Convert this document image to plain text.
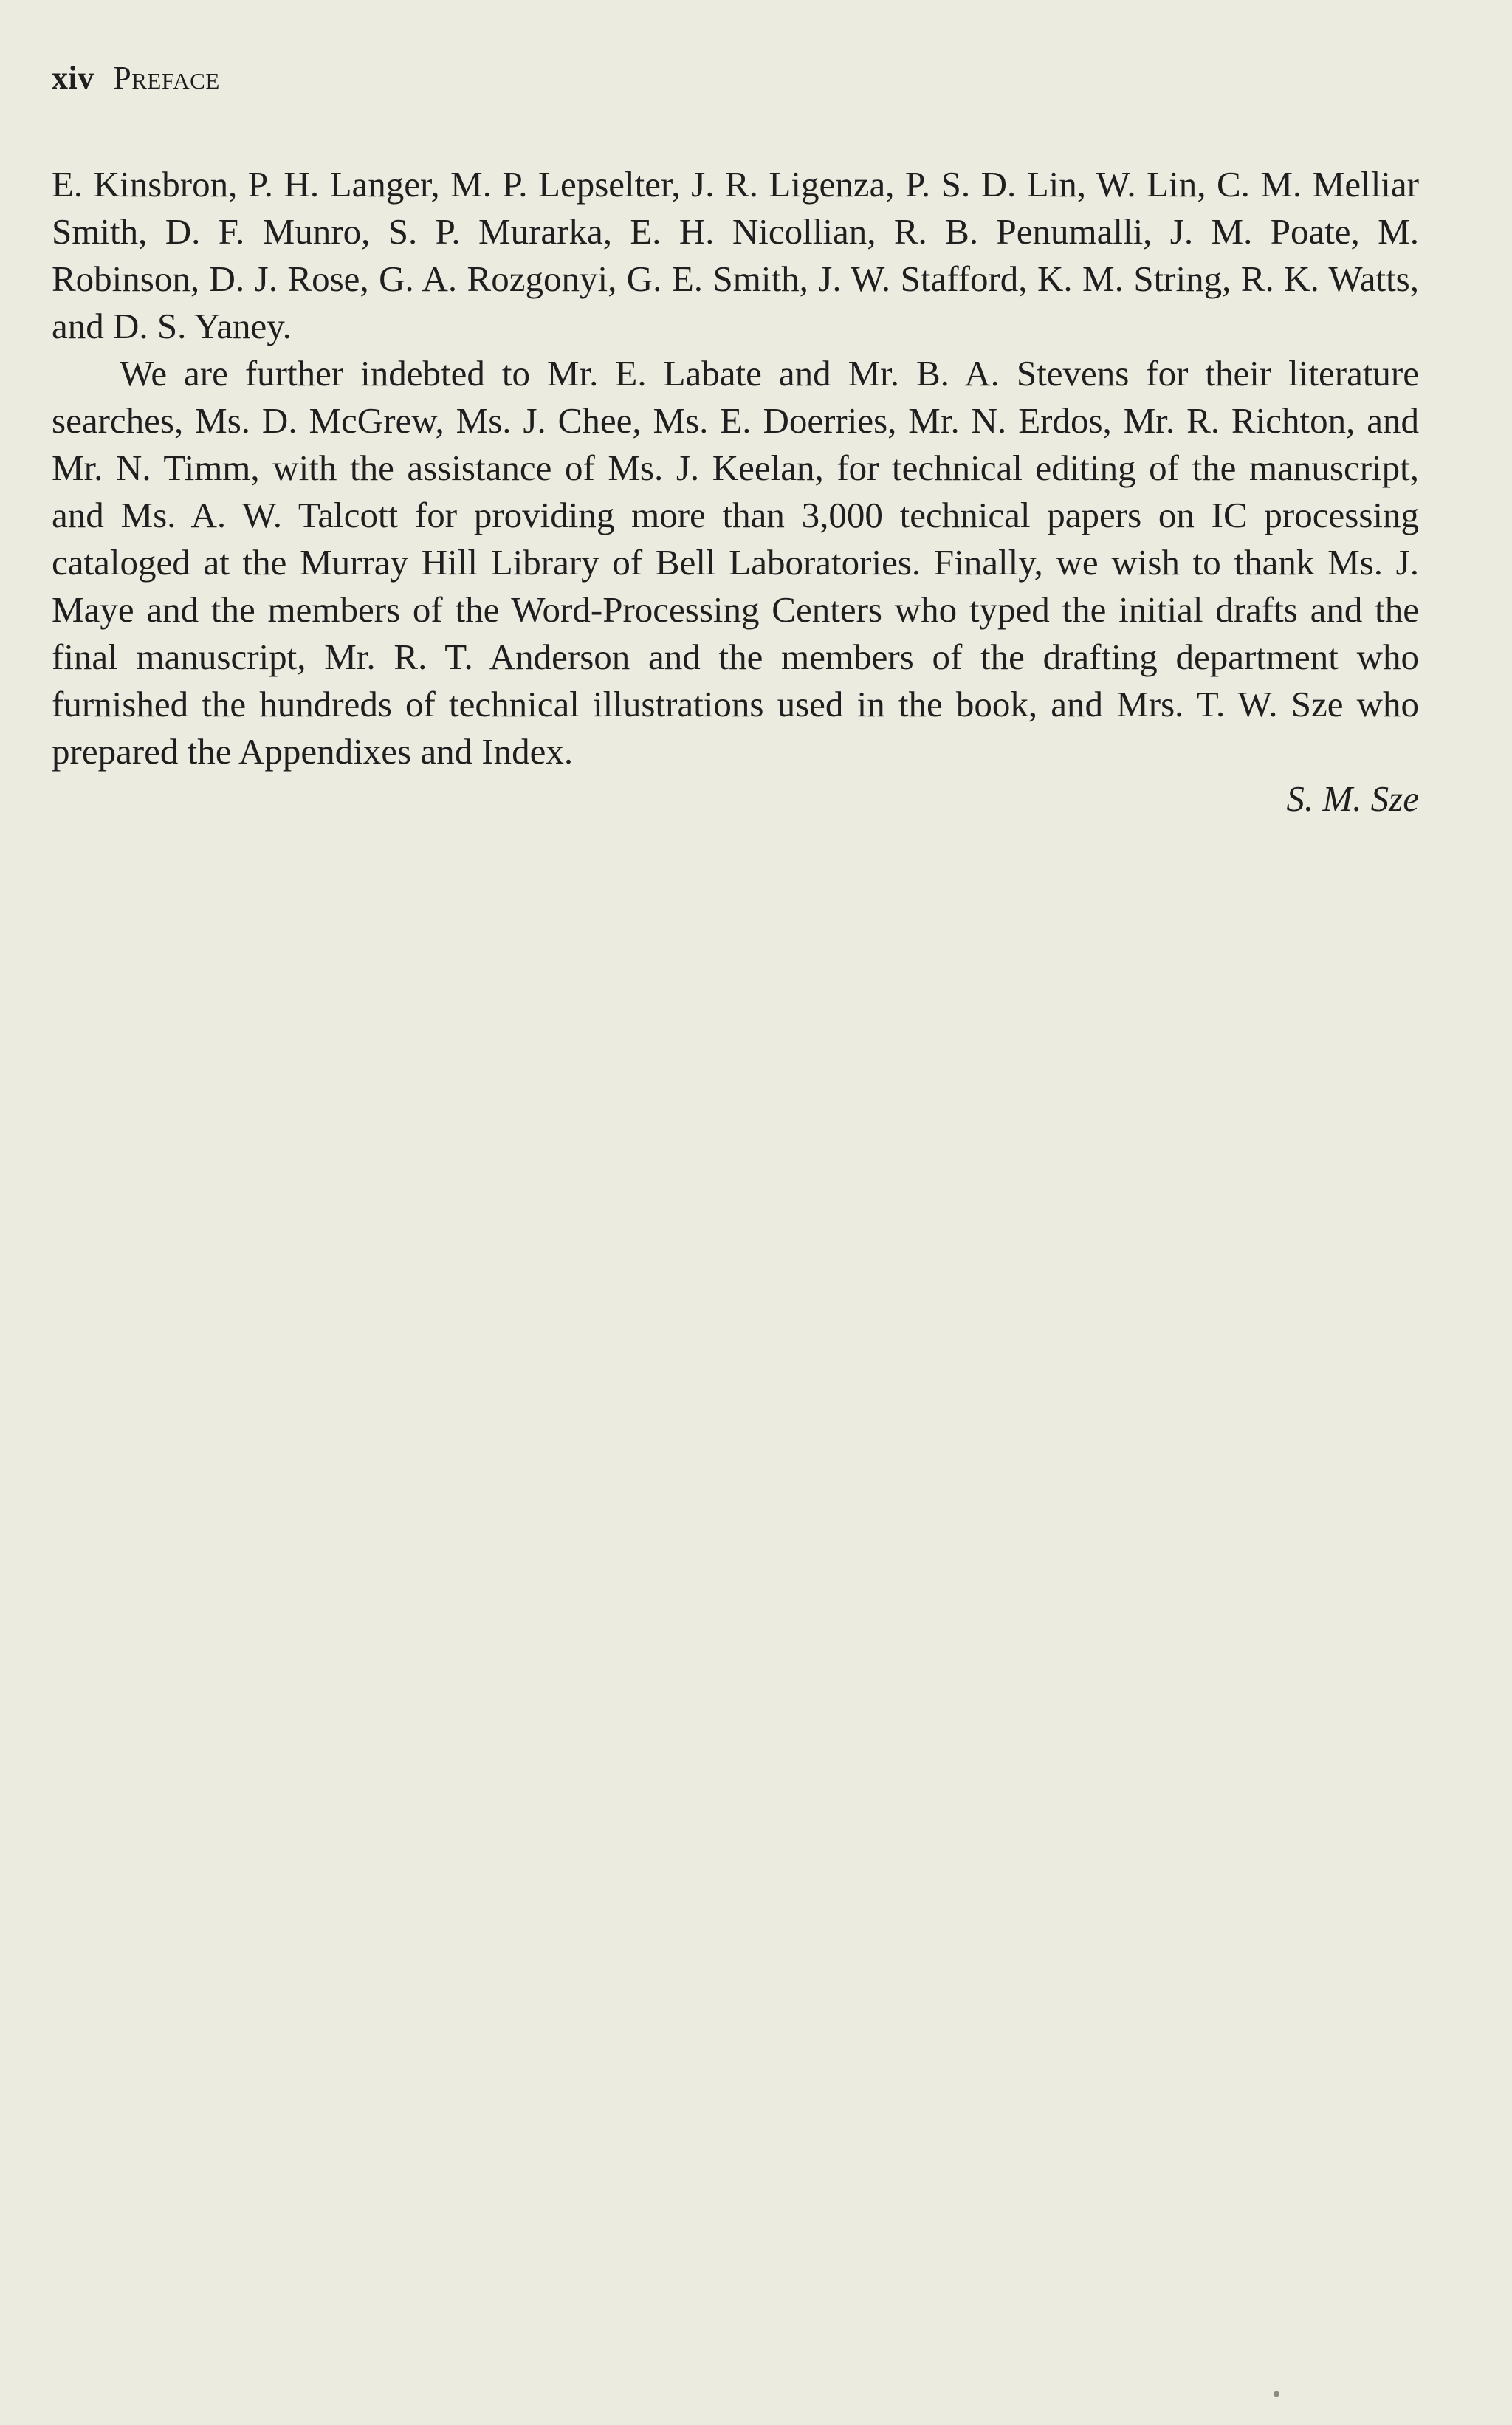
xiv Preface

E. Kinsbron, P. H. Langer, M. P. Lepselter, J. R. Ligenza, P. S. D. Lin, W. Lin, C. M. Melliar Smith, D. F. Munro, S. P. Murarka, E. H. Nicollian, R. B. Penumalli, J. M. Poate, M. Robinson, D. J. Rose, G. A. Rozgonyi, G. E. Smith, J. W. Stafford, K. M. String, R. K. Watts, and D. S. Yaney.

We are further indebted to Mr. E. Labate and Mr. B. A. Stevens for their literature searches, Ms. D. McGrew, Ms. J. Chee, Ms. E. Doerries, Mr. N. Erdos, Mr. R. Richton, and Mr. N. Timm, with the assistance of Ms. J. Keelan, for technical editing of the manuscript, and Ms. A. W. Talcott for providing more than 3,000 technical papers on IC processing cataloged at the Murray Hill Library of Bell Laboratories. Finally, we wish to thank Ms. J. Maye and the members of the Word-Processing Centers who typed the initial drafts and the final manuscript, Mr. R. T. Anderson and the members of the drafting department who furnished the hundreds of technical illustrations used in the book, and Mrs. T. W. Sze who prepared the Appendixes and Index.

S. M. Sze
